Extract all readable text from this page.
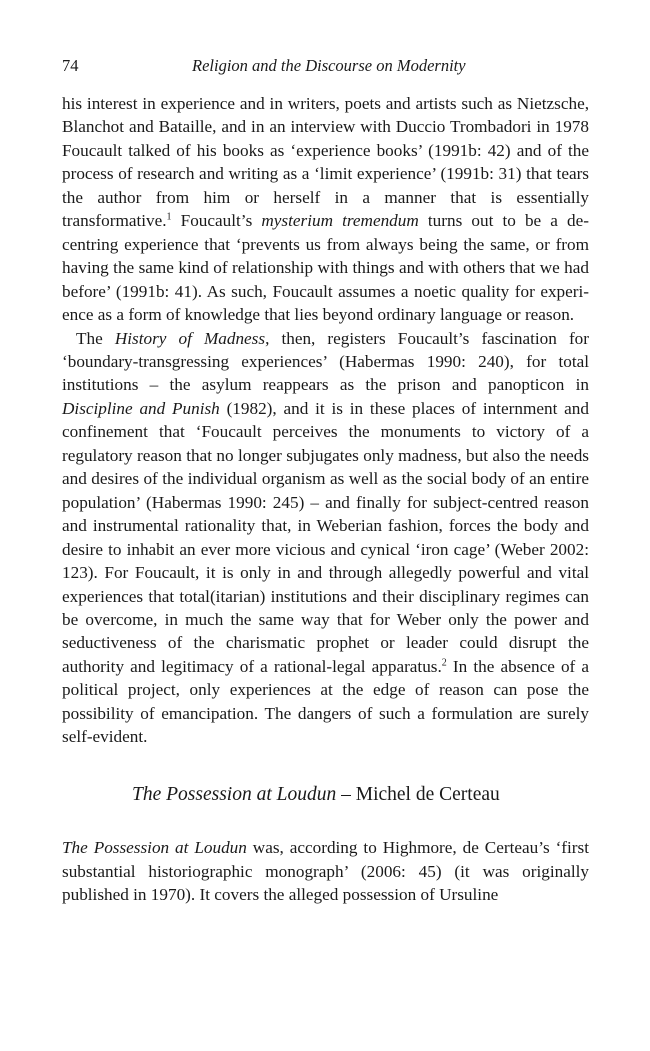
74	Religion and the Discourse on Modernity

his interest in experience and in writers, poets and artists such as Nietzsche, Blanchot and Bataille, and in an interview with Duccio Trombadori in 1978 Foucault talked of his books as ‘experience books’ (1991b: 42) and of the process of research and writing as a ‘limit experience’ (1991b: 31) that tears the author from him or herself in a manner that is essentially transformative.$^1$ Foucault’s mysterium tremendum turns out to be a de-centring experience that ‘prevents us from always being the same, or from having the same kind of relationship with things and with others that we had before’ (1991b: 41). As such, Foucault assumes a noetic quality for experience as a form of knowledge that lies beyond ordinary language or reason.

The History of Madness, then, registers Foucault’s fascination for ‘boundary-transgressing experiences’ (Habermas 1990: 240), for total institutions – the asylum reappears as the prison and panopticon in Discipline and Punish (1982), and it is in these places of internment and confinement that ‘Foucault perceives the monuments to victory of a regulatory reason that no longer subjugates only madness, but also the needs and desires of the individual organism as well as the social body of an entire population’ (Habermas 1990: 245) – and finally for subject-centred reason and instrumental rationality that, in Weberian fashion, forces the body and desire to inhabit an ever more vicious and cynical ‘iron cage’ (Weber 2002: 123). For Foucault, it is only in and through allegedly powerful and vital experiences that total(itarian) institutions and their disciplinary regimes can be overcome, in much the same way that for Weber only the power and seductiveness of the charismatic prophet or leader could disrupt the authority and legitimacy of a rational-legal apparatus.$^2$ In the absence of a political project, only experiences at the edge of reason can pose the possibility of emancipation. The dangers of such a formulation are surely self-evident.

The Possession at Loudun – Michel de Certeau

The Possession at Loudun was, according to Highmore, de Certeau’s ‘first substantial historiographic monograph’ (2006: 45) (it was originally published in 1970). It covers the alleged possession of Ursuline
